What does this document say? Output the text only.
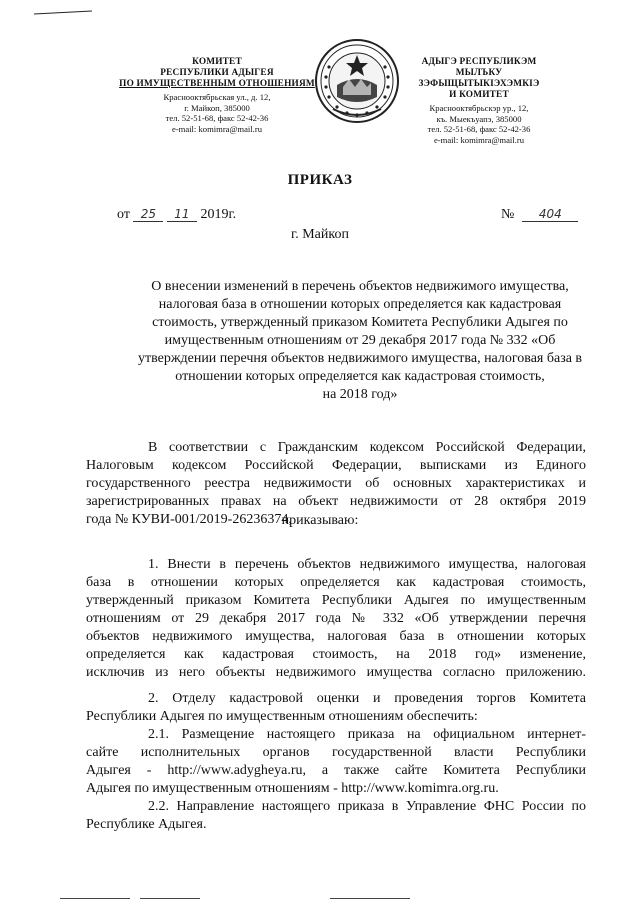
КОМИТЕТ
РЕСПУБЛИКИ АДЫГЕЯ
ПО ИМУЩЕСТВЕННЫМ ОТНОШЕНИЯМ
Краснооктябрьская ул., д. 12,
г. Майкоп, 385000
тел. 52-51-68, факс 52-42-36
e-mail: komimra@mail.ru
АДЫГЭ РЕСПУБЛИКЭМ
МЫЛЪКУ ЗЭФЫЩЫТЫКІЭХЭМКІЭ
И КОМИТЕТ
Краснооктябрьскэр ур., 12,
къ. Мыекъуапэ, 385000
тел. 52-51-68, факс 52-42-36
e-mail: komimra@mail.ru
ПРИКАЗ
от 25 11 2019г.	№ 404
г. Майкоп
О внесении изменений в перечень объектов недвижимого имущества,
налоговая база в отношении которых определяется как кадастровая
стоимость, утвержденный приказом Комитета Республики Адыгея по
имущественным отношениям от 29 декабря 2017 года № 332 «Об
утверждении перечня объектов недвижимого имущества, налоговая база в
отношении которых определяется как кадастровая стоимость,
на 2018 год»
В соответствии с Гражданским кодексом Российской Федерации,
Налоговым кодексом Российской Федерации, выписками из Единого
государственного реестра недвижимости об основных характеристиках и
зарегистрированных правах на объект недвижимости от 28 октября 2019
года № КУВИ-001/2019-26236374,
приказываю:
1. Внести в перечень объектов недвижимого имущества, налоговая
база в отношении которых определяется как кадастровая стоимость,
утвержденный приказом Комитета Республики Адыгея по имущественным
отношениям от 29 декабря 2017 года № 332 «Об утверждении перечня
объектов недвижимого имущества, налоговая база в отношении которых
определяется как кадастровая стоимость, на 2018 год» изменение,
исключив из него объекты недвижимого имущества согласно приложению.
2. Отделу кадастровой оценки и проведения торгов Комитета
Республики Адыгея по имущественным отношениям обеспечить:
2.1. Размещение настоящего приказа на официальном интернет-
сайте исполнительных органов государственной власти Республики
Адыгея - http://www.adygheya.ru, а также сайте Комитета Республики
Адыгея по имущественным отношениям - http://www.komimra.org.ru.
2.2. Направление настоящего приказа в Управление ФНС России по
Республике Адыгея.
